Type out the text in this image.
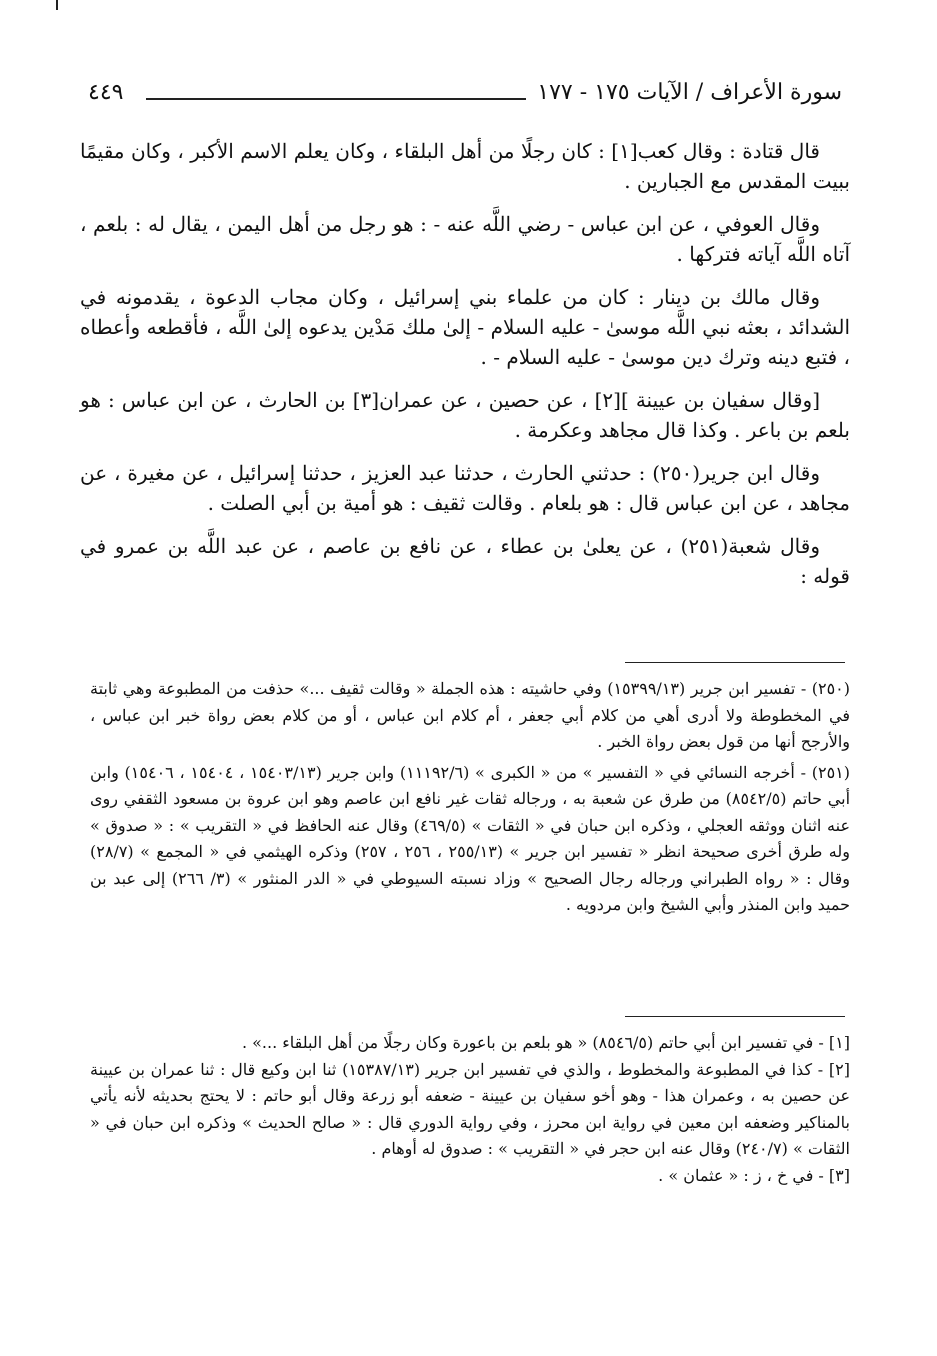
سورة الأعراف / الآيات ١٧٥ - ١٧٧
٤٤٩

قال قتادة : وقال كعب[١] : كان رجلًا من أهل البلقاء ، وكان يعلم الاسم الأكبر ، وكان مقيمًا ببيت المقدس مع الجبارين .

وقال العوفي ، عن ابن عباس - رضي اللَّه عنه - : هو رجل من أهل اليمن ، يقال له : بلعم ، آتاه اللَّه آياته فتركها .

وقال مالك بن دينار : كان من علماء بني إسرائيل ، وكان مجاب الدعوة ، يقدمونه في الشدائد ، بعثه نبي اللَّه موسىٰ - عليه السلام - إلىٰ ملك مَدْين يدعوه إلىٰ اللَّه ، فأقطعه وأعطاه ، فتبع دينه وترك دين موسىٰ - عليه السلام - .

[وقال سفيان بن عيينة ][٢] ، عن حصين ، عن عمران[٣] بن الحارث ، عن ابن عباس : هو بلعم بن باعر . وكذا قال مجاهد وعكرمة .

وقال ابن جرير(٢٥٠) : حدثني الحارث ، حدثنا عبد العزيز ، حدثنا إسرائيل ، عن مغيرة ، عن مجاهد ، عن ابن عباس قال : هو بلعام . وقالت ثقيف : هو أمية بن أبي الصلت .

وقال شعبة(٢٥١) ، عن يعلىٰ بن عطاء ، عن نافع بن عاصم ، عن عبد اللَّه بن عمرو في قوله :

(٢٥٠) - تفسير ابن جرير (١٥٣٩٩/١٣) وفي حاشيته : هذه الجملة « وقالت ثقيف ...» حذفت من المطبوعة وهي ثابتة في المخطوطة ولا أدرى أهي من كلام أبي جعفر ، أم كلام ابن عباس ، أو من كلام بعض رواة خبر ابن عباس ، والأرجح أنها من قول بعض رواة الخبر .

(٢٥١) - أخرجه النسائي في « التفسير » من « الكبرى » (١١١٩٢/٦) وابن جرير (١٥٤٠٣/١٣ ، ١٥٤٠٤ ، ١٥٤٠٦) وابن أبي حاتم (٨٥٤٢/٥) من طرق عن شعبة به ، ورجاله ثقات غير نافع ابن عاصم وهو ابن عروة بن مسعود الثقفي روى عنه اثنان ووثقه العجلي ، وذكره ابن حبان في « الثقات » (٤٦٩/٥) وقال عنه الحافظ في « التقريب » : « صدوق » وله طرق أخرى صحيحة انظر « تفسير ابن جرير » (٢٥٥/١٣ ، ٢٥٦ ، ٢٥٧) وذكره الهيثمي في « المجمع » (٢٨/٧) وقال : « رواه الطبراني ورجاله رجال الصحيح » وزاد نسبته السيوطي في « الدر المنثور » (٣/ ٢٦٦) إلى عبد بن حميد وابن المنذر وأبي الشيخ وابن مردويه .

[١] - في تفسير ابن أبي حاتم (٨٥٤٦/٥) « هو بلعم بن باعورة وكان رجلًا من أهل البلقاء ...» .

[٢] - كذا في المطبوعة والمخطوط ، والذي في تفسير ابن جرير (١٥٣٨٧/١٣) ثنا ابن وكيع قال : ثنا عمران بن عيينة عن حصين به ، وعمران هذا - وهو أخو سفيان بن عيينة - ضعفه أبو زرعة وقال أبو حاتم : لا يحتج بحديثه لأنه يأتي بالمناكير وضعفه ابن معين في رواية ابن محرز ، وفي رواية الدوري قال : « صالح الحديث » وذكره ابن حبان في « الثقات » (٢٤٠/٧) وقال عنه ابن حجر في « التقريب » : صدوق له أوهام .

[٣] - في خ ، ز : « عثمان » .
